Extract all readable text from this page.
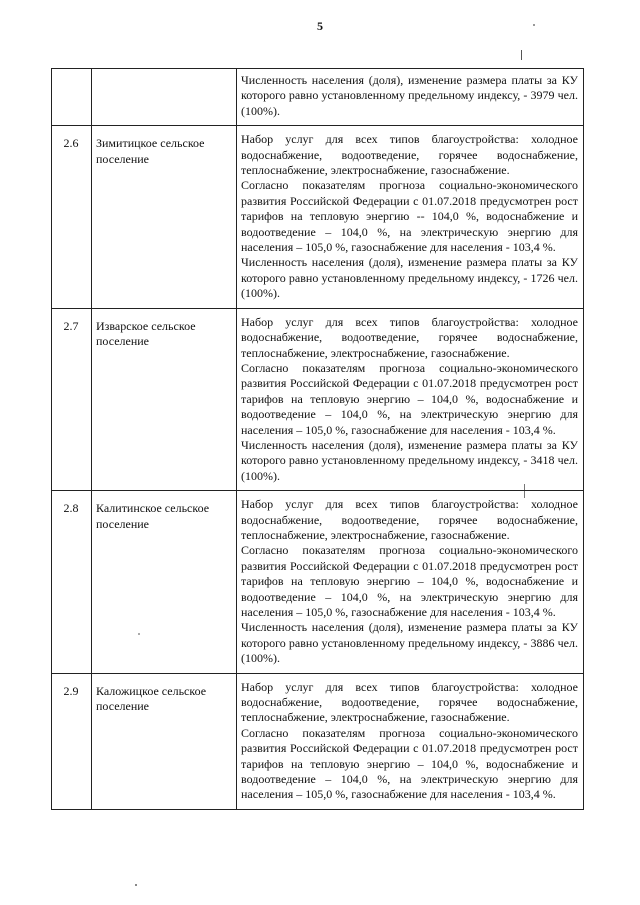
5

		Численность населения (доля), изменение размера платы за КУ которого равно установленному предельному индексу, - 3979 чел. (100%).

2.6	Зимитицкое сельское поселение	Набор услуг для всех типов благоустройства: холодное водоснабжение, водоотведение, горячее водоснабжение, теплоснабжение, электроснабжение, газоснабжение.

Согласно показателям прогноза социально-экономического развития Российской Федерации с 01.07.2018 предусмотрен рост тарифов на тепловую энергию -- 104,0 %, водоснабжение и водоотведение – 104,0 %, на электрическую энергию для населения – 105,0 %, газоснабжение для населения - 103,4 %.

Численность населения (доля), изменение размера платы за КУ которого равно установленному предельному индексу, - 1726 чел. (100%).

2.7	Изварское сельское поселение	Набор услуг для всех типов благоустройства: холодное водоснабжение, водоотведение, горячее водоснабжение, теплоснабжение, электроснабжение, газоснабжение.

Согласно показателям прогноза социально-экономического развития Российской Федерации с 01.07.2018 предусмотрен рост тарифов на тепловую энергию – 104,0 %, водоснабжение и водоотведение – 104,0 %, на электрическую энергию для населения – 105,0 %, газоснабжение для населения - 103,4 %.

Численность населения (доля), изменение размера платы за КУ которого равно установленному предельному индексу, - 3418 чел. (100%).

2.8	Калитинское сельское поселение	Набор услуг для всех типов благоустройства: холодное водоснабжение, водоотведение, горячее водоснабжение, теплоснабжение, электроснабжение, газоснабжение.

Согласно показателям прогноза социально-экономического развития Российской Федерации с 01.07.2018 предусмотрен рост тарифов на тепловую энергию – 104,0 %, водоснабжение и водоотведение – 104,0 %, на электрическую энергию для населения – 105,0 %, газоснабжение для населения - 103,4 %.

Численность населения (доля), изменение размера платы за КУ которого равно установленному предельному индексу, - 3886 чел. (100%).

2.9	Каложицкое сельское поселение	Набор услуг для всех типов благоустройства: холодное водоснабжение, водоотведение, горячее водоснабжение, теплоснабжение, электроснабжение, газоснабжение.

Согласно показателям прогноза социально-экономического развития Российской Федерации с 01.07.2018 предусмотрен рост тарифов на тепловую энергию – 104,0 %, водоснабжение и водоотведение – 104,0 %, на электрическую энергию для населения – 105,0 %, газоснабжение для населения - 103,4 %.
